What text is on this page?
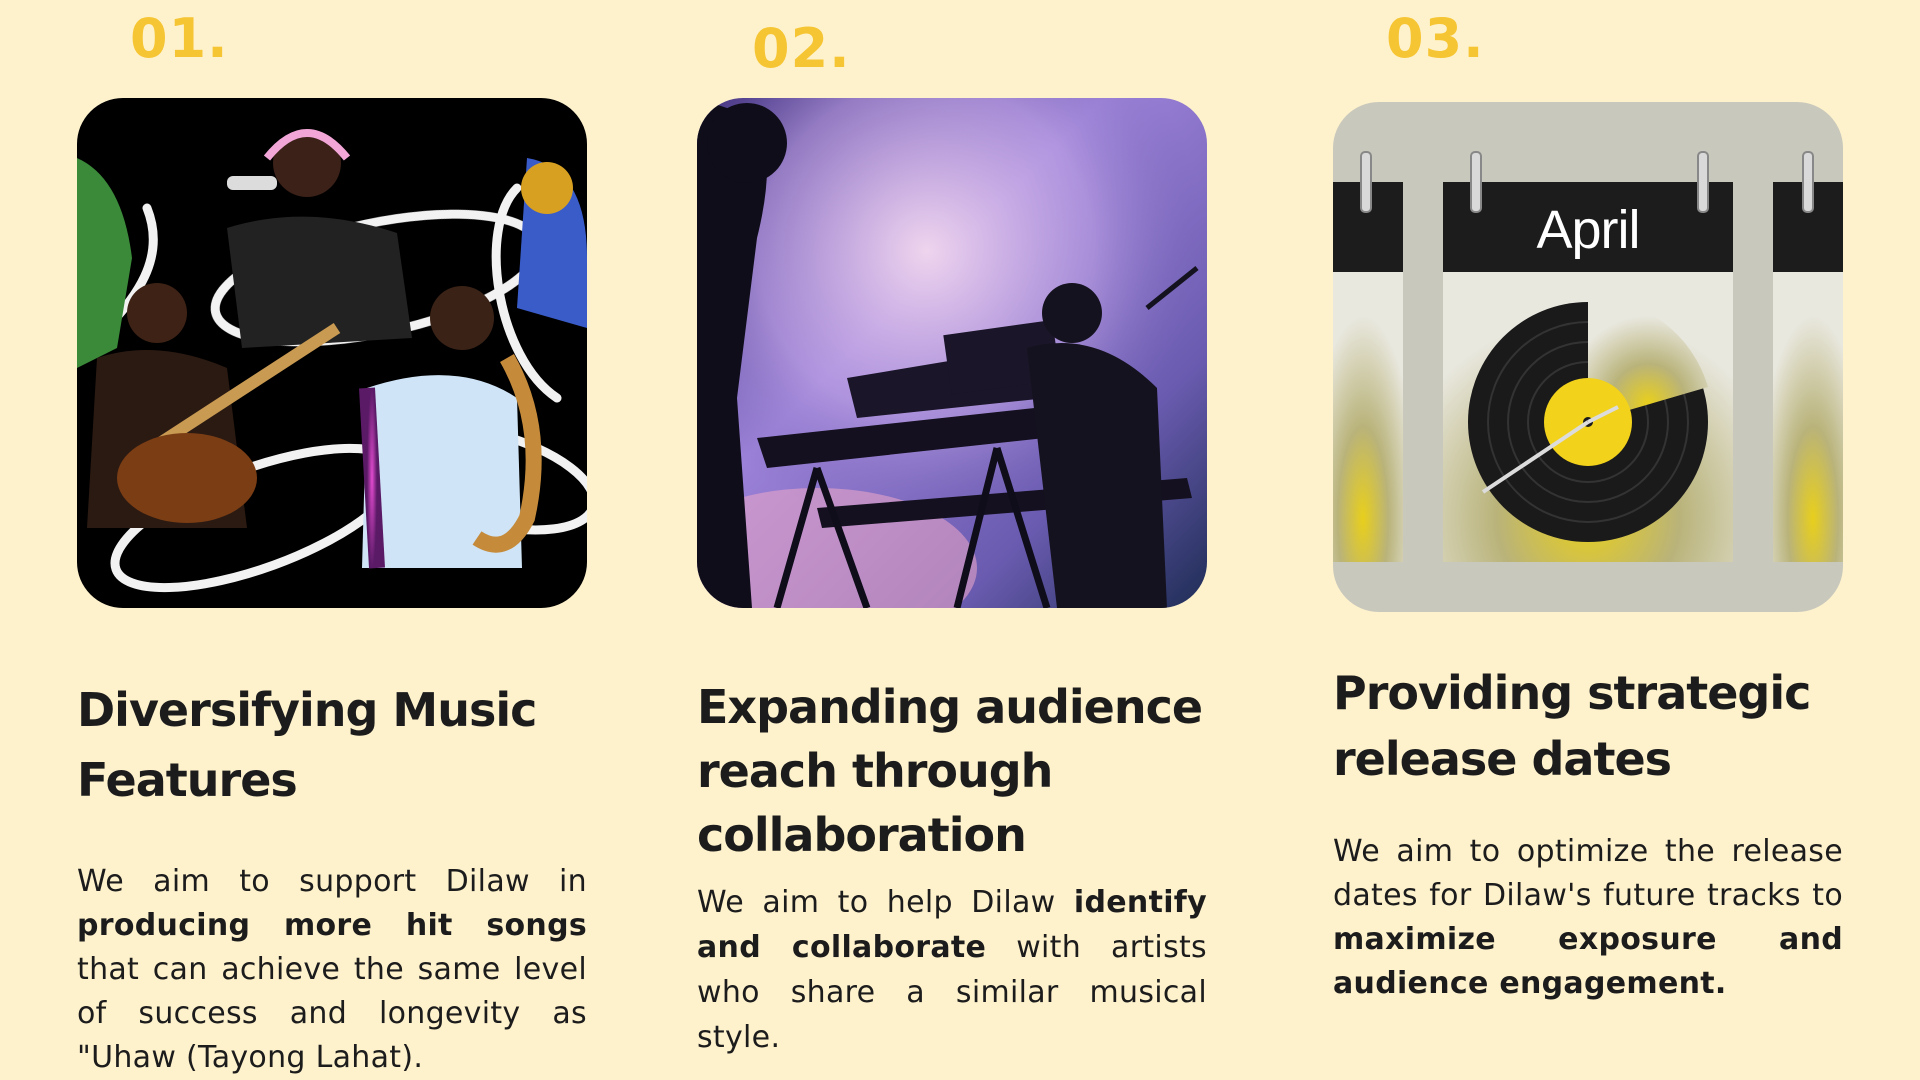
01.
Diversifying Music
Features

We aim to support Dilaw in producing more hit songs that can achieve the same level of success and longevity as "Uhaw (Tayong Lahat).

02.
Expanding audience
reach through
collaboration

We aim to help Dilaw identify and collaborate with artists who share a similar musical style.

03.
April
Providing strategic
release dates

We aim to optimize the release dates for Dilaw's future tracks to maximize exposure and audience engagement.
